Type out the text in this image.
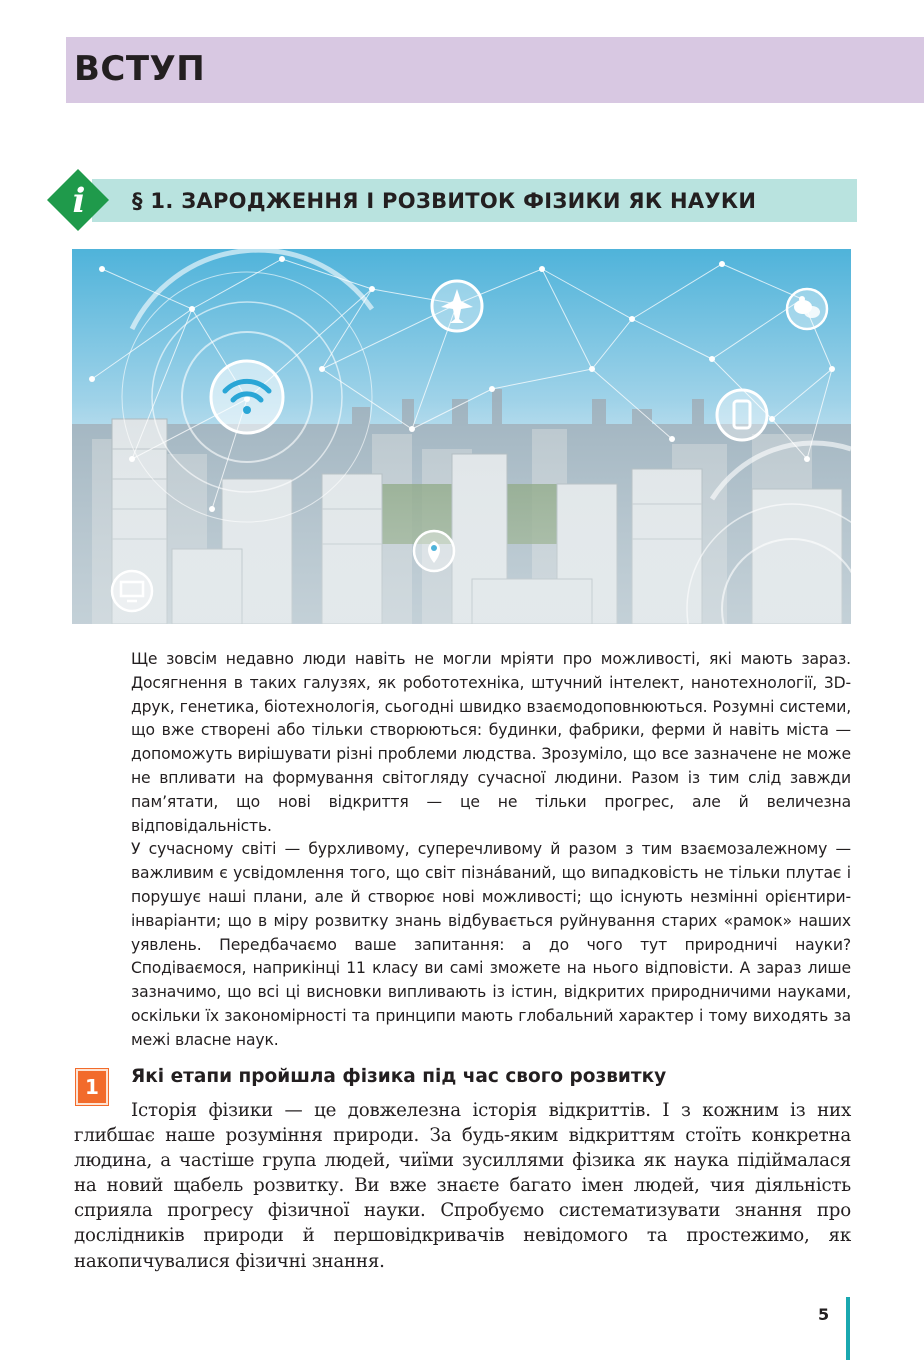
ВСТУП
§ 1. ЗАРОДЖЕННЯ І РОЗВИТОК ФІЗИКИ ЯК НАУКИ
i

Ще зовсім недавно люди навіть не могли мріяти про можливості, які мають зараз. Досягнення в таких галузях, як робототехніка, штучний інтелект, нанотехнології, 3D-друк, генетика, біотехнологія, сьогодні швидко взаємодоповнюються. Розумні системи, що вже створені або тільки створюються: будинки, фабрики, ферми й навіть міста — допоможуть вирішувати різні проблеми людства. Зрозуміло, що все зазначене не може не впливати на формування світогляду сучасної людини. Разом із тим слід завжди пам’ятати, що нові відкриття — це не тільки прогрес, але й величезна відповідальність.

У сучасному світі — бурхливому, суперечливому й разом з тим взаємозалежному — важливим є усвідомлення того, що світ пізна́ваний, що випадковість не тільки плутає і порушує наші плани, але й створює нові можливості; що існують незмінні орієнтири-інваріанти; що в міру розвитку знань відбувається руйнування старих «рамок» наших уявлень. Передбачаємо ваше запитання: а до чого тут природничі науки? Сподіваємося, наприкінці 11 класу ви самі зможете на нього відповісти. А зараз лише зазначимо, що всі ці висновки випливають із істин, відкритих природничими науками, оскільки їх закономірності та принципи мають глобальний характер і тому виходять за межі власне наук.

1	Які етапи пройшла фізика під час свого розвитку

Історія фізики — це довжелезна історія відкриттів. І з кожним із них глибшає наше розуміння природи. За будь-яким відкриттям стоїть конкретна людина, а частіше група людей, чиїми зусиллями фізика як наука підіймалася на новий щабель розвитку. Ви вже знаєте багато імен людей, чия діяльність сприяла прогресу фізичної науки. Спробуємо систематизувати знання про дослідників природи й першовідкривачів невідомого та простежимо, як накопичувалися фізичні знання.

5
